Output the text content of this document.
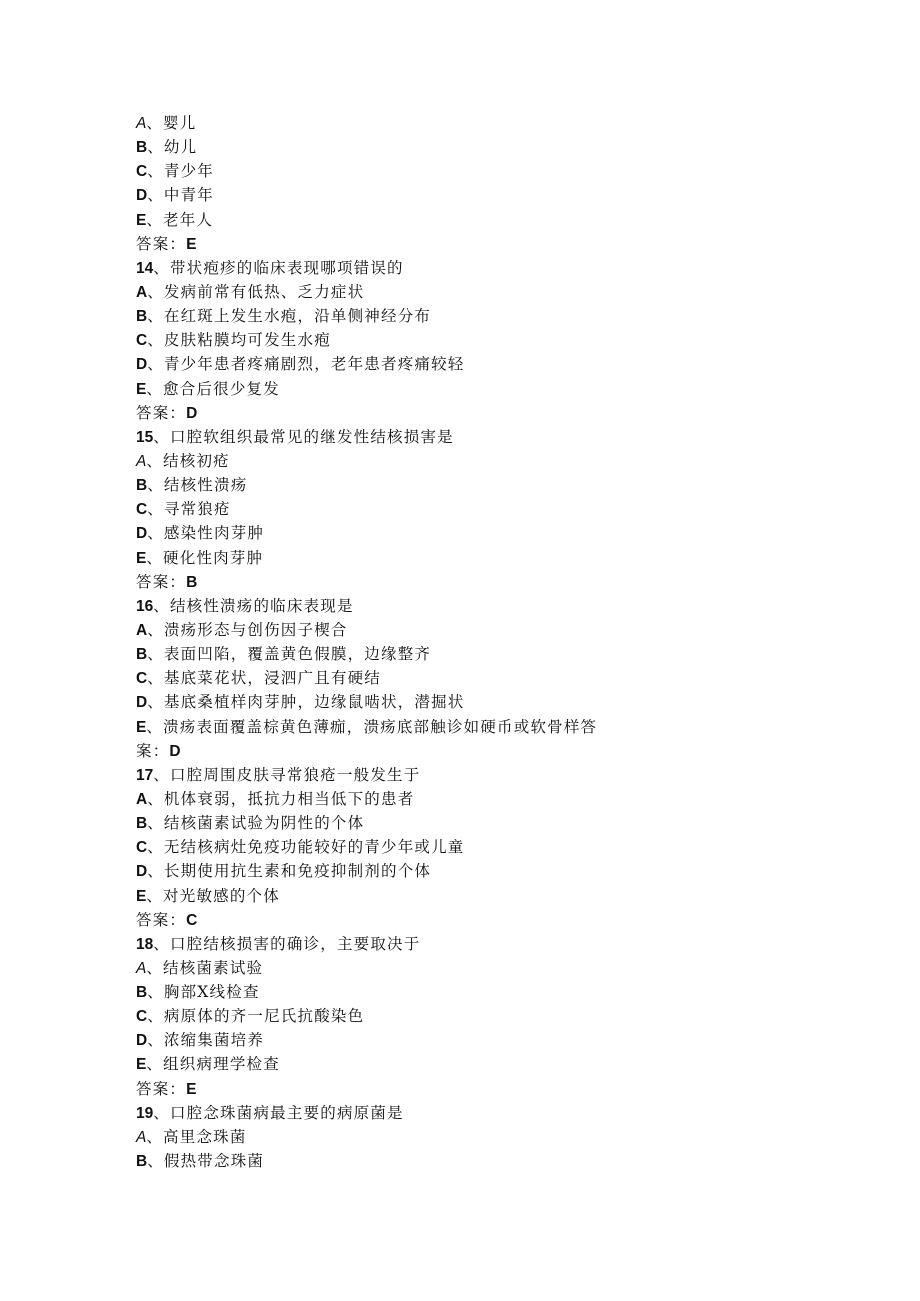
A、婴儿
B、幼儿
C、青少年
D、中青年
E、老年人
答案：E
14、带状疱疹的临床表现哪项错误的
A、发病前常有低热、乏力症状
B、在红斑上发生水疱，沿单侧神经分布
C、皮肤粘膜均可发生水疱
D、青少年患者疼痛剧烈，老年患者疼痛较轻
E、愈合后很少复发
答案：D
15、口腔软组织最常见的继发性结核损害是
A、结核初疮
B、结核性溃疡
C、寻常狼疮
D、感染性肉芽肿
E、硬化性肉芽肿
答案：B
16、结核性溃疡的临床表现是
A、溃疡形态与创伤因子楔合
B、表面凹陷，覆盖黄色假膜，边缘整齐
C、基底菜花状，浸泗广且有硬结
D、基底桑植样肉芽肿，边缘鼠啮状，潜掘状
E、溃疡表面覆盖棕黄色薄痂，溃疡底部触诊如硬币或软骨样答
案：D
17、口腔周围皮肤寻常狼疮一般发生于
A、机体衰弱，抵抗力相当低下的患者
B、结核菌素试验为阴性的个体
C、无结核病灶免疫功能较好的青少年或儿童
D、长期使用抗生素和免疫抑制剂的个体
E、对光敏感的个体
答案：C
18、口腔结核损害的确诊，主要取决于
A、结核菌素试验
B、胸部X线检查
C、病原体的齐一尼氏抗酸染色
D、浓缩集菌培养
E、组织病理学检查
答案：E
19、口腔念珠菌病最主要的病原菌是
A、高里念珠菌
B、假热带念珠菌
